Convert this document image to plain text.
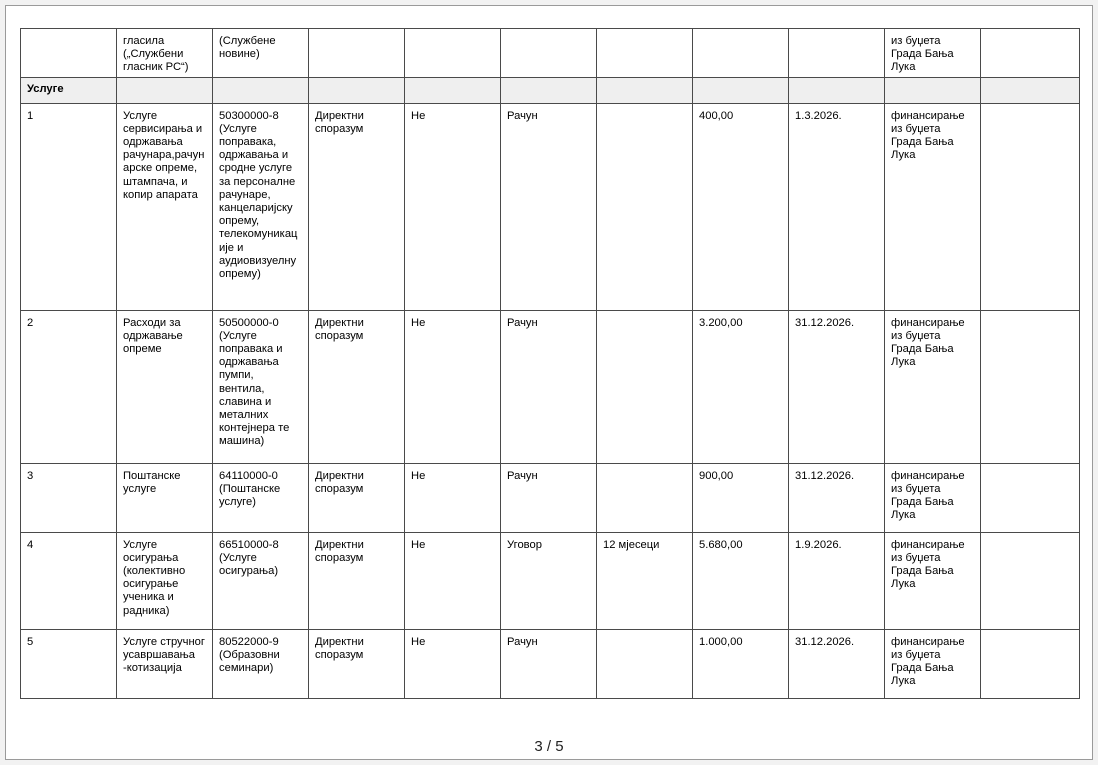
	гласила („Службени гласник РС“)	(Службене новине)							из буџета Града Бања Лука	
Услуге										
1	Услуге сервисирања и одржавања рачунара,рачунарске опреме, штампача, и копир апарата	50300000-8 (Услуге поправака, одржавања и сродне услуге за персоналне рачунаре, канцеларијску опрему, телекомуникације и аудиовизуелну опрему)	Директни споразум	Не	Рачун		400,00	1.3.2026.	финансирање из буџета Града Бања Лука	
2	Расходи за одржавање опреме	50500000-0 (Услуге поправака и одржавања пумпи, вентила, славина и металних контејнера те машина)	Директни споразум	Не	Рачун		3.200,00	31.12.2026.	финансирање из буџета Града Бања Лука	
3	Поштанске услуге	64110000-0 (Поштанске услуге)	Директни споразум	Не	Рачун		900,00	31.12.2026.	финансирање из буџета Града Бања Лука	
4	Услуге осигурања (колективно осигурање ученика и радника)	66510000-8 (Услуге осигурања)	Директни споразум	Не	Уговор	12 мјесеци	5.680,00	1.9.2026.	финансирање из буџета Града Бања Лука	
5	Услуге стручног усавршавања -котизација	80522000-9 (Образовни семинари)	Директни споразум	Не	Рачун		1.000,00	31.12.2026.	финансирање из буџета Града Бања Лука	
3 / 5
